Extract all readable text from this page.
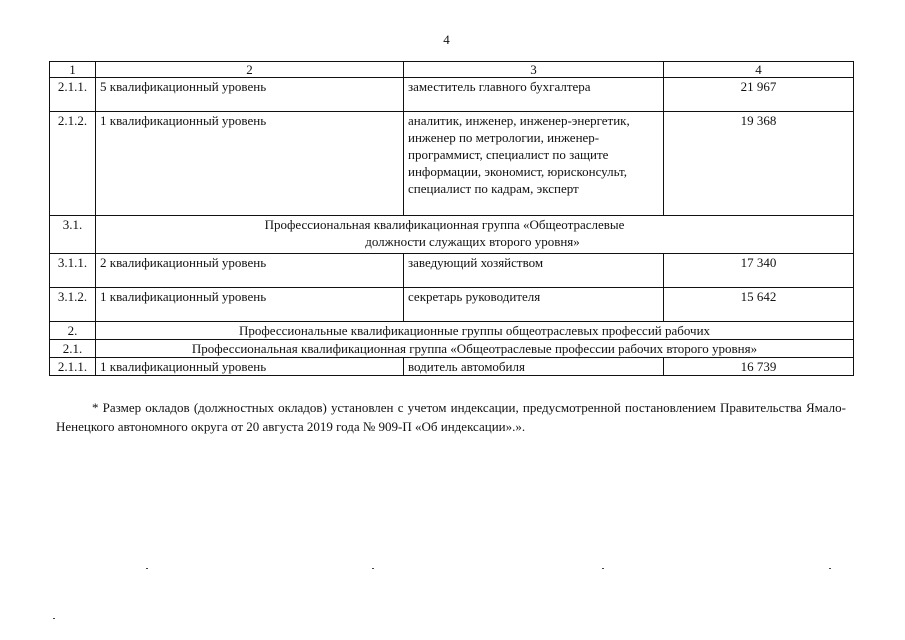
4
1	2	3	4
2.1.1.	5 квалификационный уровень	заместитель главного бухгалтера	21 967
2.1.2.	1 квалификационный уровень	аналитик, инженер, инженер-энергетик, инженер по метрологии, инженер-программист, специалист по защите информации, экономист, юрисконсульт, специалист по кадрам, эксперт	19 368
3.1.	Профессиональная квалификационная группа «Общеотраслевые
должности служащих второго уровня»		

3.1.1.	2 квалификационный уровень	заведующий хозяйством	17 340
3.1.2.	1 квалификационный уровень	секретарь руководителя	15 642
2.	Профессиональные квалификационные группы общеотраслевых профессий рабочих		
2.1.	Профессиональная квалификационная группа «Общеотраслевые профессии рабочих второго уровня»		
2.1.1.	1 квалификационный уровень	водитель автомобиля	16 739
* Размер окладов (должностных окладов) установлен с учетом индексации, предусмотренной постановлением Правительства Ямало-Ненецкого автономного округа от 20 августа 2019 года № 909-П «Об индексации».».
